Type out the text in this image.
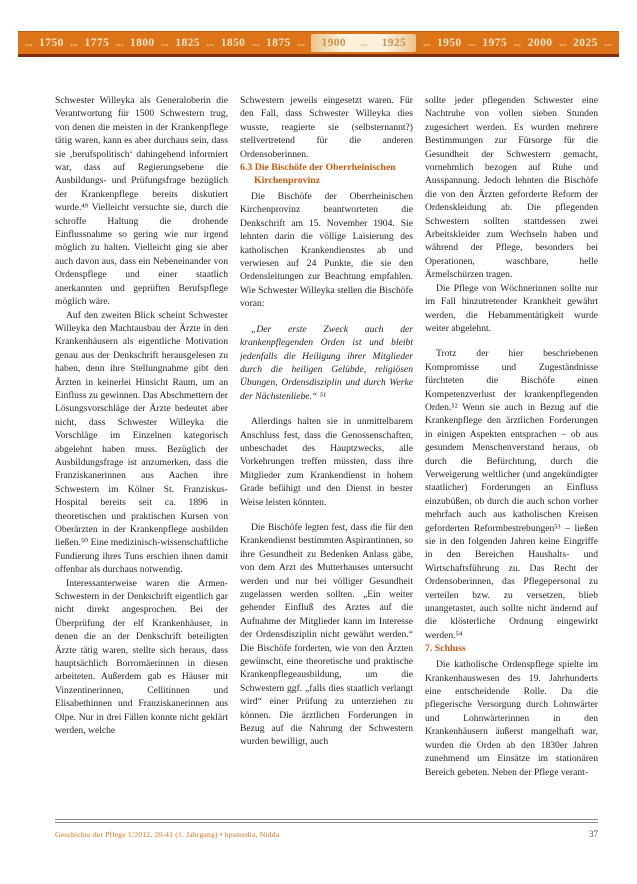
... 1750 ... 1775 ... 1800 ... 1825 ... 1850 ... 1875 ... 1900 ... 1925 ... 1950 ... 1975 ... 2000 ... 2025 ...

Schwester Willeyka als Generaloberin die Verantwortung für 1500 Schwestern trug, von denen die meisten in der Krankenpflege tätig waren, kann es aber durchaus sein, dass sie ‚berufspolitisch‘ dahingehend informiert war, dass auf Regierungsebene die Ausbildungs- und Prüfungsfrage bezüglich der Krankenpflege bereits diskutiert wurde.⁴⁹ Vielleicht versuchte sie, durch die schroffe Haltung die drohende Einflussnahme so gering wie nur irgend möglich zu halten. Vielleicht ging sie aber auch davon aus, dass ein Nebeneinander von Ordenspflege und einer staatlich anerkannten und geprüften Berufspflege möglich wäre.

Auf den zweiten Blick scheint Schwester Willeyka den Machtausbau der Ärzte in den Krankenhäusern als eigentliche Motivation genau aus der Denkschrift herausgelesen zu haben, denn ihre Stellungnahme gibt den Ärzten in keinerlei Hinsicht Raum, um an Einfluss zu gewinnen. Das Abschmettern der Lösungsvorschläge der Ärzte bedeutet aber nicht, dass Schwester Willeyka die Vorschläge im Einzelnen kategorisch abgelehnt haben muss. Bezüglich der Ausbildungsfrage ist anzumerken, dass die Franziskanerinnen aus Aachen ihre Schwestern im Kölner St. Franziskus-Hospital bereits seit ca. 1896 in theoretischen und praktischen Kursen von Oberärzten in der Krankenpflege ausbilden ließen.⁵⁰ Eine medizinisch-wissenschaftliche Fundierung ihres Tuns erschien ihnen damit offenbar als durchaus notwendig.

Interessanterweise waren die Armen-Schwestern in der Denkschrift eigentlich gar nicht direkt angesprochen. Bei der Überprüfung der elf Krankenhäuser, in denen die an der Denkschrift beteiligten Ärzte tätig waren, stellte sich heraus, dass hauptsächlich Borromäerinnen in diesen arbeiteten. Außerdem gab es Häuser mit Vinzentinerinnen, Cellitinnen und Elisabethinnen und Franziskanerinnen aus Olpe. Nur in drei Fällen konnte nicht geklärt werden, welche

Schwestern jeweils eingesetzt waren. Für den Fall, dass Schwester Willeyka dies wusste, reagierte sie (selbsternannt?) stellvertretend für die anderen Ordensoberinnen.

6.3 Die Bischöfe der Oberrheinischen Kirchenprovinz

Die Bischöfe der Oberrheinischen Kirchenprovinz beantworteten die Denkschrift am 15. November 1904. Sie lehnten darin die völlige Laisierung des katholischen Krankendienstes ab und verwiesen auf 24 Punkte, die sie den Ordensleitungen zur Beachtung empfahlen. Wie Schwester Willeyka stellen die Bischöfe voran:

„Der erste Zweck auch der krankenpflegenden Orden ist und bleibt jedenfalls die Heiligung ihrer Mitglieder durch die heiligen Gelübde, religiösen Übungen, Ordensdisziplin und durch Werke der Nächstenliebe.“ ⁵¹

Allerdings halten sie in unmittelbarem Anschluss fest, dass die Genossenschaften, unbeschadet des Hauptzwecks, alle Vorkehrungen treffen müssten, dass ihre Mitglieder zum Krankendienst in hohem Grade befähigt und den Dienst in bester Weise leisten könnten.

Die Bischöfe legten fest, dass die für den Krankendienst bestimmten Aspirantinnen, so ihre Gesundheit zu Bedenken Anlass gäbe, von dem Arzt des Mutterhauses untersucht werden und nur bei völliger Gesundheit zugelassen werden sollten. „Ein weiter gehender Einfluß des Arztes auf die Aufnahme der Mitglieder kann im Interesse der Ordensdisziplin nicht gewährt werden.“ Die Bischöfe forderten, wie von den Ärzten gewünscht, eine theoretische und praktische Krankenpflegeausbildung, um die Schwestern ggf. „falls dies staatlich verlangt wird“ einer Prüfung zu unterziehen zu können. Die ärztlichen Forderungen in Bezug auf die Nahrung der Schwestern wurden bewilligt, auch

sollte jeder pflegenden Schwester eine Nachtruhe von vollen sieben Stunden zugesichert werden. Es wurden mehrere Bestimmungen zur Fürsorge für die Gesundheit der Schwestern gemacht, vornehmlich bezogen auf Ruhe und Ausspannung. Jedoch lehnten die Bischöfe die von den Ärzten geforderte Reform der Ordenskleidung ab. Die pflegenden Schwestern sollten stattdessen zwei Arbeitskleider zum Wechseln haben und während der Pflege, besonders bei Operationen, waschbare, helle Ärmelschürzen tragen.

Die Pflege von Wöchnerinnen sollte nur im Fall hinzutretender Krankheit gewährt werden, die Hebammentätigkeit wurde weiter abgelehnt.

Trotz der hier beschriebenen Kompromisse und Zugeständnisse fürchteten die Bischöfe einen Kompetenzverlust der krankenpflegenden Orden.⁵² Wenn sie auch in Bezug auf die Krankenpflege den ärztlichen Forderungen in einigen Aspekten entsprachen – ob aus gesundem Menschenverstand heraus, ob durch die Befürchtung, durch die Verweigerung weltlicher (und angekündigter staatlicher) Forderungen an Einfluss einzubüßen, ob durch die auch schon vorher mehrfach auch aus katholischen Kreisen geforderten Reformbestrebungen⁵³ – ließen sie in den folgenden Jahren keine Eingriffe in den Bereichen Haushalts- und Wirtschaftsführung zu. Das Recht der Ordensoberinnen, das Pflegepersonal zu verteilen bzw. zu versetzen, blieb unangetastet, auch sollte nicht ändernd auf die klösterliche Ordnung eingewirkt werden.⁵⁴

7. Schluss

Die katholische Ordenspflege spielte im Krankenhauswesen des 19. Jahrhunderts eine entscheidende Rolle. Da die pflegerische Versorgung durch Lohnwärter und Lohnwärterinnen in den Krankenhäusern äußerst mangelhaft war, wurden die Orden ab den 1830er Jahren zunehmend um Einsätze im stationären Bereich gebeten. Neben der Pflege verant-

Geschichte der Pflege 1/2012, 20-41 (1. Jahrgang) • hpsmedia, Nidda	37
